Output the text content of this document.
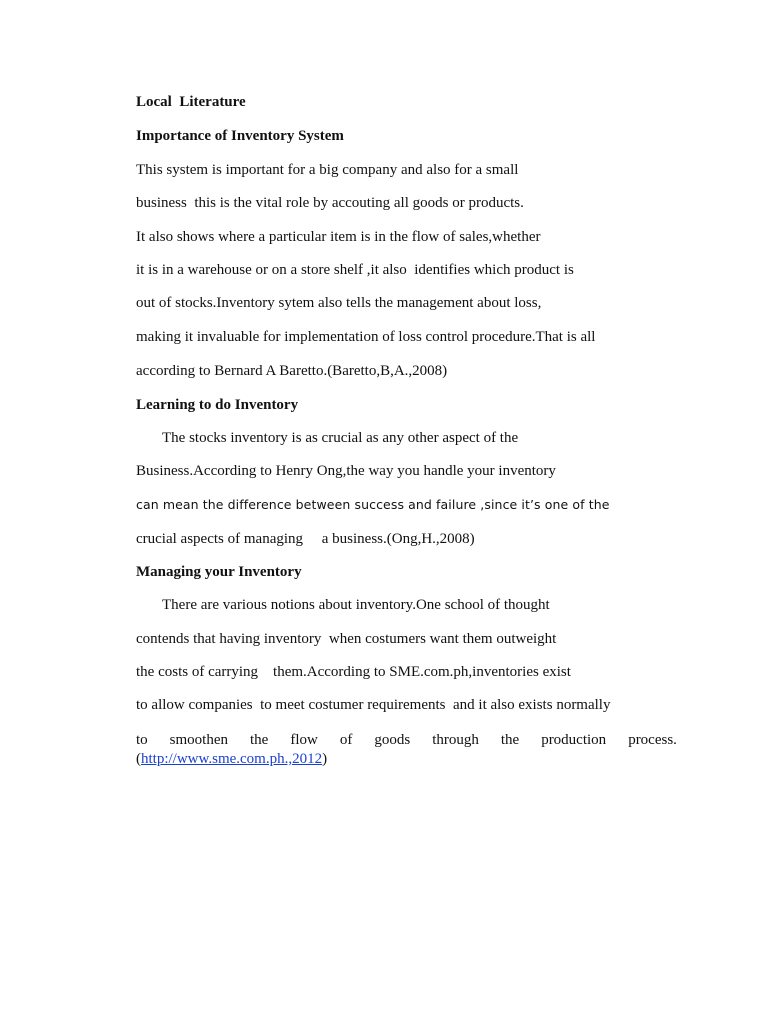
Local  Literature
Importance of Inventory System
This system is important for a big company and also for a small
business  this is the vital role by accouting all goods or products.
It also shows where a particular item is in the flow of sales,whether
it is in a warehouse or on a store shelf ,it also  identifies which product is
out of stocks.Inventory sytem also tells the management about loss,
making it invaluable for implementation of loss control procedure.That is all
according to Bernard A Baretto.(Baretto,B,A.,2008)
Learning to do Inventory
The stocks inventory is as crucial as any other aspect of the
Business.According to Henry Ong,the way you handle your inventory
can mean the difference between success and failure ,since it’s one of the
crucial aspects of managing     a business.(Ong,H.,2008)
Managing your Inventory
There are various notions about inventory.One school of thought
contends that having inventory  when costumers want them outweight
the costs of carrying    them.According to SME.com.ph,inventories exist
to allow companies  to meet costumer requirements  and it also exists normally
to smoothen the flow of goods through the production process.
(http://www.sme.com.ph.,2012)
